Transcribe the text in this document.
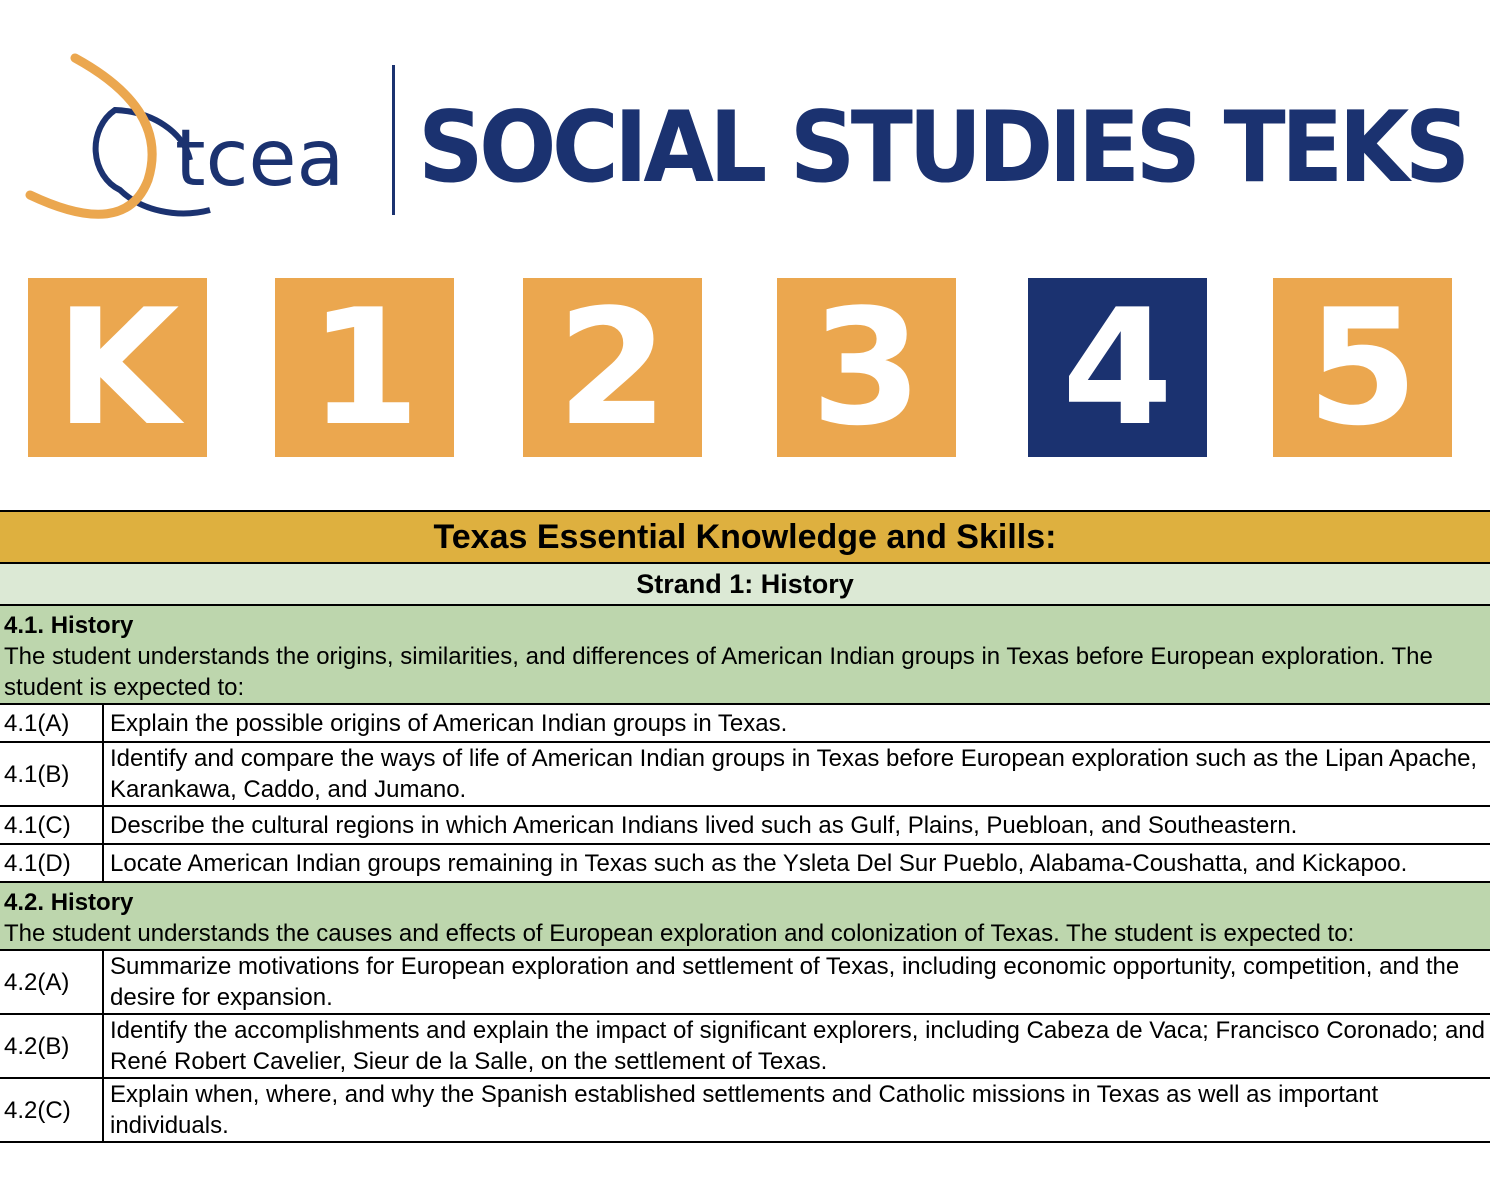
tcea SOCIAL STUDIES TEKS
K 1 2 3 4 5
Texas Essential Knowledge and Skills:	
Strand 1: History	
4.1. History
The student understands the origins, similarities, and differences of American Indian groups in Texas before European exploration. The student is expected to:	
4.1(A)	Explain the possible origins of American Indian groups in Texas.
4.1(B)	Identify and compare the ways of life of American Indian groups in Texas before European exploration such as the Lipan Apache, Karankawa, Caddo, and Jumano.
4.1(C)	Describe the cultural regions in which American Indians lived such as Gulf, Plains, Puebloan, and Southeastern.
4.1(D)	Locate American Indian groups remaining in Texas such as the Ysleta Del Sur Pueblo, Alabama-Coushatta, and Kickapoo.
4.2. History
The student understands the causes and effects of European exploration and colonization of Texas. The student is expected to:	
4.2(A)	Summarize motivations for European exploration and settlement of Texas, including economic opportunity, competition, and the desire for expansion.
4.2(B)	Identify the accomplishments and explain the impact of significant explorers, including Cabeza de Vaca; Francisco Coronado; and René Robert Cavelier, Sieur de la Salle, on the settlement of Texas.
4.2(C)	Explain when, where, and why the Spanish established settlements and Catholic missions in Texas as well as important individuals.
